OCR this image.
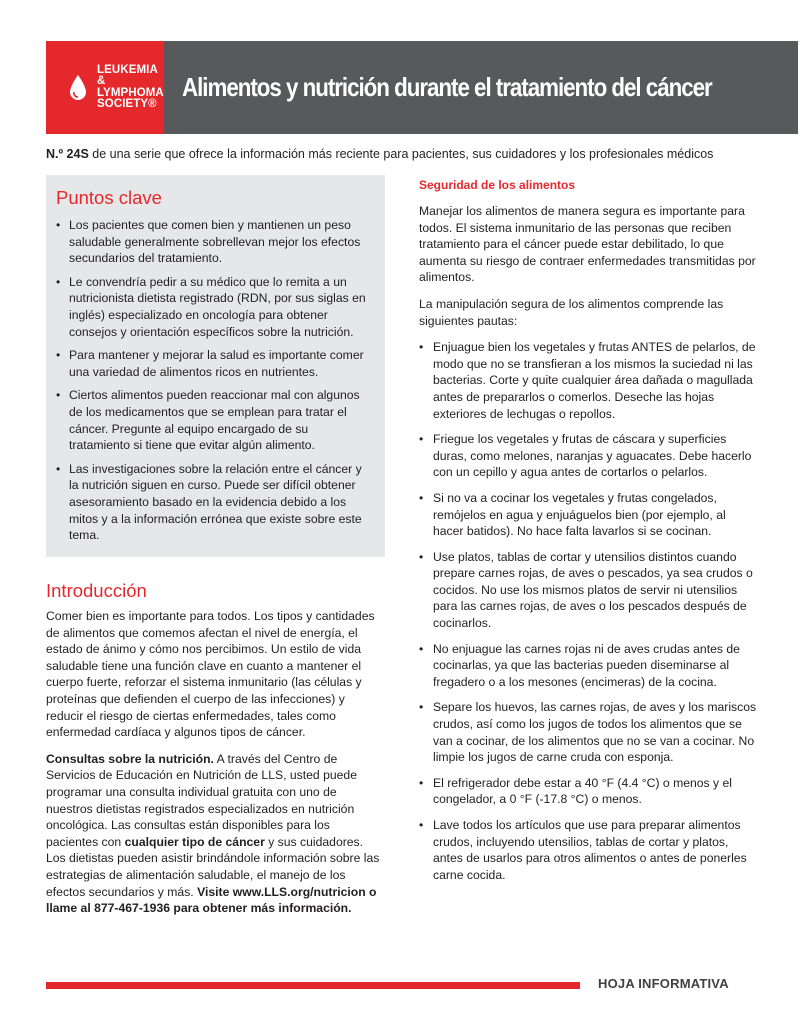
LEUKEMIA &
LYMPHOMA
SOCIETY®
Alimentos y nutrición durante el tratamiento del cáncer
N.º 24S de una serie que ofrece la información más reciente para pacientes, sus cuidadores y los profesionales médicos
Puntos clave
• Los pacientes que comen bien y mantienen un peso saludable generalmente sobrellevan mejor los efectos secundarios del tratamiento.
• Le convendría pedir a su médico que lo remita a un nutricionista dietista registrado (RDN, por sus siglas en inglés) especializado en oncología para obtener consejos y orientación específicos sobre la nutrición.
• Para mantener y mejorar la salud es importante comer una variedad de alimentos ricos en nutrientes.
• Ciertos alimentos pueden reaccionar mal con algunos de los medicamentos que se emplean para tratar el cáncer. Pregunte al equipo encargado de su tratamiento si tiene que evitar algún alimento.
• Las investigaciones sobre la relación entre el cáncer y la nutrición siguen en curso. Puede ser difícil obtener asesoramiento basado en la evidencia debido a los mitos y a la información errónea que existe sobre este tema.
Introducción

Comer bien es importante para todos. Los tipos y cantidades de alimentos que comemos afectan el nivel de energía, el estado de ánimo y cómo nos percibimos. Un estilo de vida saludable tiene una función clave en cuanto a mantener el cuerpo fuerte, reforzar el sistema inmunitario (las células y proteínas que defienden el cuerpo de las infecciones) y reducir el riesgo de ciertas enfermedades, tales como enfermedad cardíaca y algunos tipos de cáncer.

Consultas sobre la nutrición. A través del Centro de Servicios de Educación en Nutrición de LLS, usted puede programar una consulta individual gratuita con uno de nuestros dietistas registrados especializados en nutrición oncológica. Las consultas están disponibles para los pacientes con cualquier tipo de cáncer y sus cuidadores. Los dietistas pueden asistir brindándole información sobre las estrategias de alimentación saludable, el manejo de los efectos secundarios y más. Visite www.LLS.org/nutricion o llame al 877-467-1936 para obtener más información.

Seguridad de los alimentos

Manejar los alimentos de manera segura es importante para todos. El sistema inmunitario de las personas que reciben tratamiento para el cáncer puede estar debilitado, lo que aumenta su riesgo de contraer enfermedades transmitidas por alimentos.

La manipulación segura de los alimentos comprende las siguientes pautas:

• Enjuague bien los vegetales y frutas ANTES de pelarlos, de modo que no se transfieran a los mismos la suciedad ni las bacterias. Corte y quite cualquier área dañada o magullada antes de prepararlos o comerlos. Deseche las hojas exteriores de lechugas o repollos.
• Friegue los vegetales y frutas de cáscara y superficies duras, como melones, naranjas y aguacates. Debe hacerlo con un cepillo y agua antes de cortarlos o pelarlos.
• Si no va a cocinar los vegetales y frutas congelados, remójelos en agua y enjuáguelos bien (por ejemplo, al hacer batidos). No hace falta lavarlos si se cocinan.
• Use platos, tablas de cortar y utensilios distintos cuando prepare carnes rojas, de aves o pescados, ya sea crudos o cocidos. No use los mismos platos de servir ni utensilios para las carnes rojas, de aves o los pescados después de cocinarlos.
• No enjuague las carnes rojas ni de aves crudas antes de cocinarlas, ya que las bacterias pueden diseminarse al fregadero o a los mesones (encimeras) de la cocina.
• Separe los huevos, las carnes rojas, de aves y los mariscos crudos, así como los jugos de todos los alimentos que se van a cocinar, de los alimentos que no se van a cocinar. No limpie los jugos de carne cruda con esponja.
• El refrigerador debe estar a 40 °F (4.4 °C) o menos y el congelador, a 0 °F (-17.8 °C) o menos.
• Lave todos los artículos que use para preparar alimentos crudos, incluyendo utensilios, tablas de cortar y platos, antes de usarlos para otros alimentos o antes de ponerles carne cocida.
HOJA INFORMATIVA
